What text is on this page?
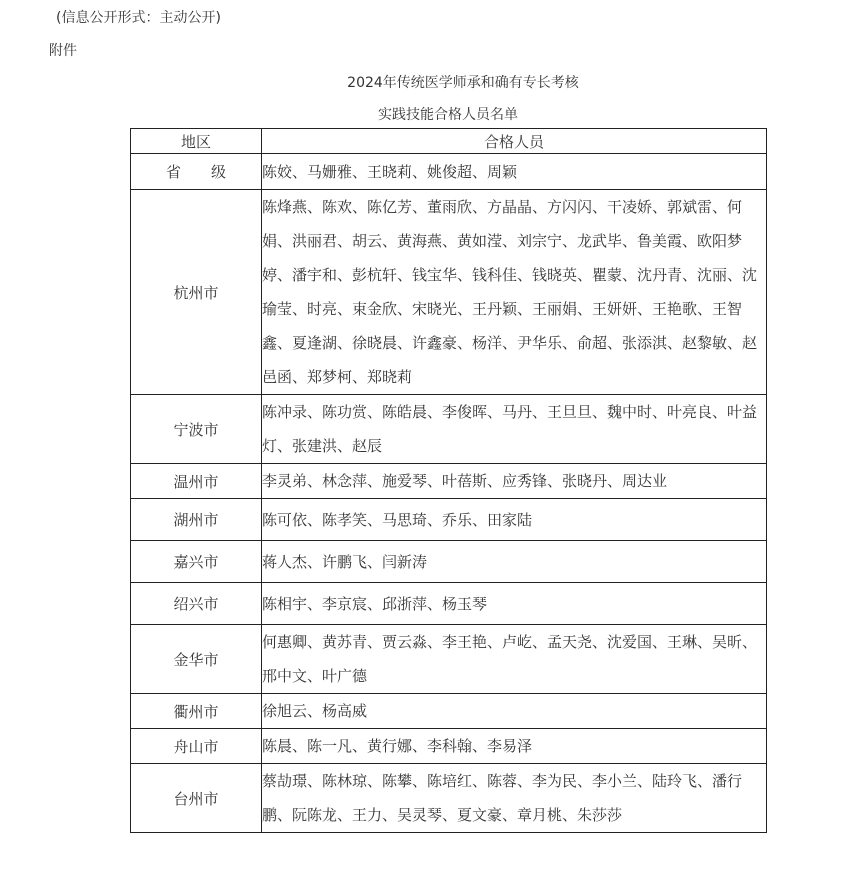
(信息公开形式：主动公开)
附件
2024年传统医学师承和确有专长考核
实践技能合格人员名单
地区	合格人员
省级	陈姣、马姗雅、王晓莉、姚俊超、周颖
杭州市	陈烽燕、陈欢、陈亿芳、董雨欣、方晶晶、方闪闪、干凌娇、郭斌雷、何娟、洪丽君、胡云、黄海燕、黄如滢、刘宗宁、龙武毕、鲁美霞、欧阳梦婷、潘宇和、彭杭轩、钱宝华、钱科佳、钱晓英、瞿蒙、沈丹青、沈丽、沈瑜莹、时亮、束金欣、宋晓光、王丹颖、王丽娟、王妍妍、王艳歌、王智鑫、夏逢湖、徐晓晨、许鑫豪、杨洋、尹华乐、俞超、张添淇、赵黎敏、赵邑函、郑梦柯、郑晓莉
宁波市	陈冲录、陈功赏、陈皓晨、李俊晖、马丹、王旦旦、魏中时、叶亮良、叶益灯、张建洪、赵辰
温州市	李灵弟、林念萍、施爱琴、叶蓓斯、应秀锋、张晓丹、周达业
湖州市	陈可依、陈孝笑、马思琦、乔乐、田家陆
嘉兴市	蒋人杰、许鹏飞、闫新涛
绍兴市	陈相宇、李京宸、邱浙萍、杨玉琴
金华市	何惠卿、黄苏青、贾云淼、李王艳、卢屹、孟天尧、沈爱国、王琳、吴昕、邢中文、叶广德
衢州市	徐旭云、杨高威
舟山市	陈晨、陈一凡、黄行娜、李科翰、李易泽
台州市	蔡劼璟、陈林琼、陈攀、陈培红、陈蓉、李为民、李小兰、陆玲飞、潘行鹏、阮陈龙、王力、吴灵琴、夏文豪、章月桃、朱莎莎
